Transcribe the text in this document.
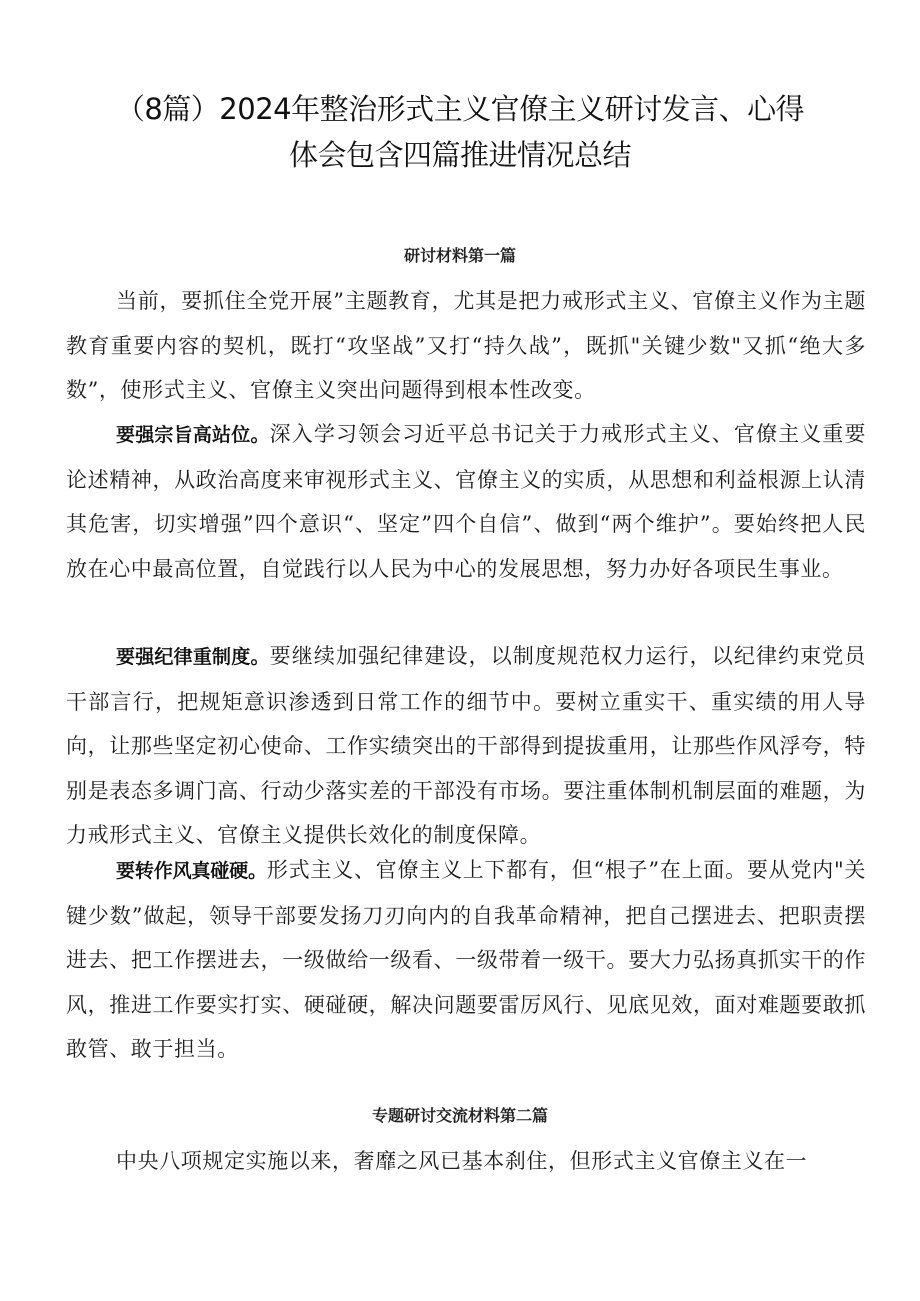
（8篇）2024年整治形式主义官僚主义研讨发言、心得
体会包含四篇推进情况总结
研讨材料第一篇

当前，要抓住全党开展”主题教育，尤其是把力戒形式主义、官僚主义作为主题教育重要内容的契机，既打“攻坚战”又打“持久战”，既抓"关键少数"又抓“绝大多数”，使形式主义、官僚主义突出问题得到根本性改变。

要强宗旨高站位。深入学习领会习近平总书记关于力戒形式主义、官僚主义重要论述精神，从政治高度来审视形式主义、官僚主义的实质，从思想和利益根源上认清其危害，切实增强”四个意识“、坚定”四个自信”、做到“两个维护”。要始终把人民放在心中最高位置，自觉践行以人民为中心的发展思想，努力办好各项民生事业。

要强纪律重制度。要继续加强纪律建设，以制度规范权力运行，以纪律约束党员干部言行，把规矩意识渗透到日常工作的细节中。要树立重实干、重实绩的用人导向，让那些坚定初心使命、工作实绩突出的干部得到提拔重用，让那些作风浮夸，特别是表态多调门高、行动少落实差的干部没有市场。要注重体制机制层面的难题，为力戒形式主义、官僚主义提供长效化的制度保障。

要转作风真碰硬。形式主义、官僚主义上下都有，但“根子”在上面。要从党内"关键少数”做起，领导干部要发扬刀刃向内的自我革命精神，把自己摆进去、把职责摆进去、把工作摆进去，一级做给一级看、一级带着一级干。要大力弘扬真抓实干的作风，推进工作要实打实、硬碰硬，解决问题要雷厉风行、见底见效，面对难题要敢抓敢管、敢于担当。

专题研讨交流材料第二篇

中央八项规定实施以来，奢靡之风已基本刹住，但形式主义官僚主义在一
